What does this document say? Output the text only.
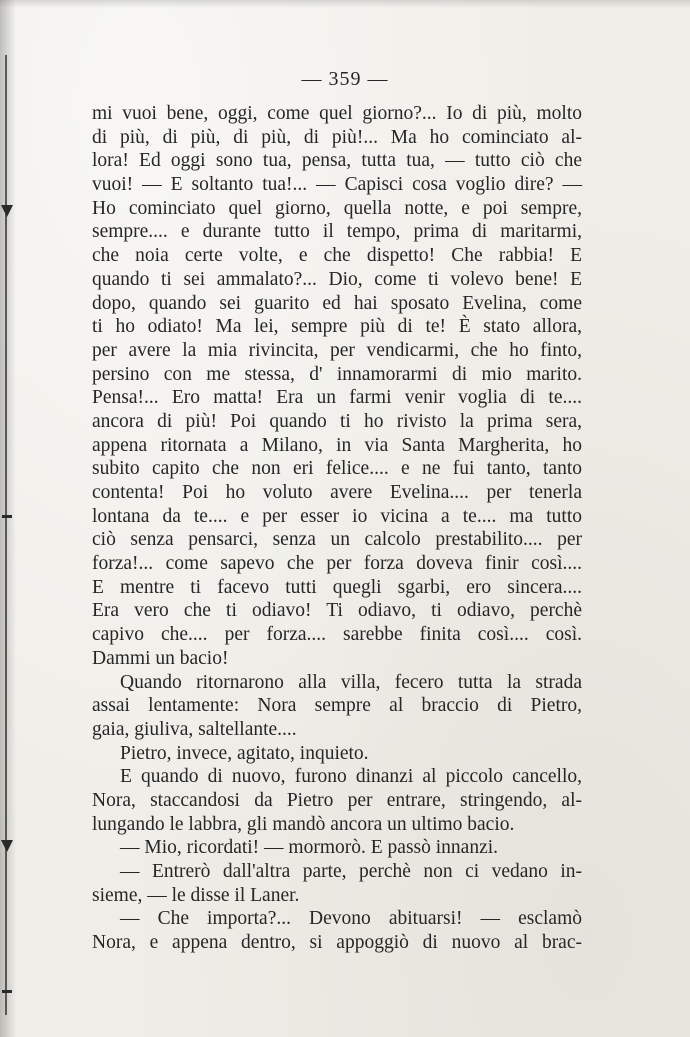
— 359 —
mi vuoi bene, oggi, come quel giorno?... Io di più, molto
di più, di più, di più, di più!... Ma ho cominciato al-
lora! Ed oggi sono tua, pensa, tutta tua, — tutto ciò che
vuoi! — E soltanto tua!... — Capisci cosa voglio dire? —
Ho cominciato quel giorno, quella notte, e poi sempre,
sempre.... e durante tutto il tempo, prima di maritarmi,
che noia certe volte, e che dispetto! Che rabbia! E
quando ti sei ammalato?... Dio, come ti volevo bene! E
dopo, quando sei guarito ed hai sposato Evelina, come
ti ho odiato! Ma lei, sempre più di te! È stato allora,
per avere la mia rivincita, per vendicarmi, che ho finto,
persino con me stessa, d' innamorarmi di mio marito.
Pensa!... Ero matta! Era un farmi venir voglia di te....
ancora di più! Poi quando ti ho rivisto la prima sera,
appena ritornata a Milano, in via Santa Margherita, ho
subito capito che non eri felice.... e ne fui tanto, tanto
contenta! Poi ho voluto avere Evelina.... per tenerla
lontana da te.... e per esser io vicina a te.... ma tutto
ciò senza pensarci, senza un calcolo prestabilito.... per
forza!... come sapevo che per forza doveva finir così....
E mentre ti facevo tutti quegli sgarbi, ero sincera....
Era vero che ti odiavo! Ti odiavo, ti odiavo, perchè
capivo che.... per forza.... sarebbe finita così.... così.
Dammi un bacio!
Quando ritornarono alla villa, fecero tutta la strada
assai lentamente: Nora sempre al braccio di Pietro,
gaia, giuliva, saltellante....
Pietro, invece, agitato, inquieto.
E quando di nuovo, furono dinanzi al piccolo cancello,
Nora, staccandosi da Pietro per entrare, stringendo, al-
lungando le labbra, gli mandò ancora un ultimo bacio.
— Mio, ricordati! — mormorò. E passò innanzi.
— Entrerò dall'altra parte, perchè non ci vedano in-
sieme, — le disse il Laner.
— Che importa?... Devono abituarsi! — esclamò
Nora, e appena dentro, si appoggiò di nuovo al brac-
